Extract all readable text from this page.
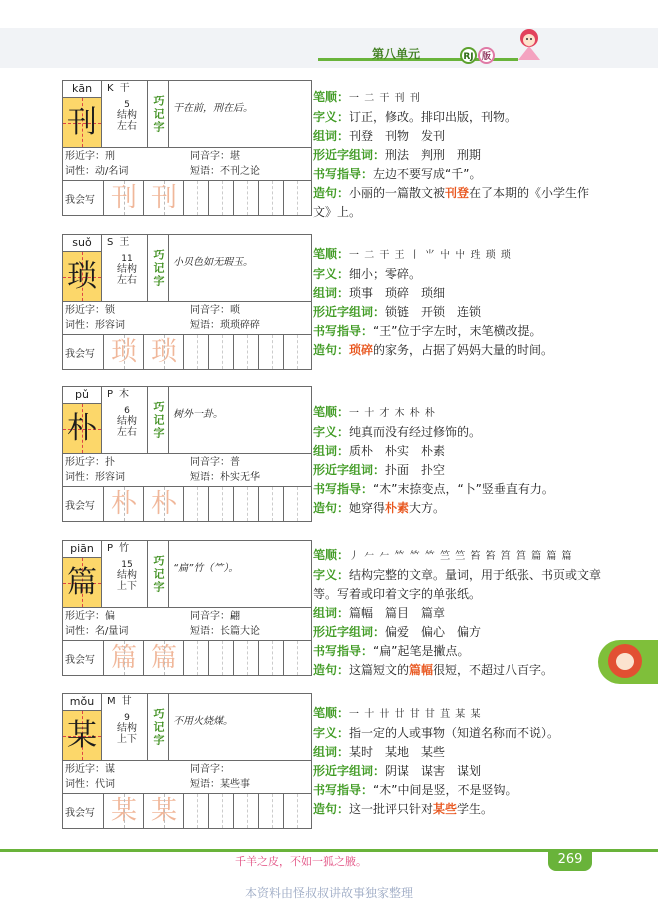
第八单元	RJ 版
kān
刊
K 干
5
结构
左右	巧记字 干在前，刑在后。
形近字：刑	同音字：堪
词性：动/名词	短语：不刊之论
我会写 刊 刊
suǒ
琐
S 王
11
结构
左右	巧记字 小贝色如无瑕玉。
形近字：锁	同音字：唢
词性：形容词	短语：琐琐碎碎
我会写 琐 琐
pǔ
朴
P 木
6
结构
左右	巧记字 树外一卦。
形近字：扑	同音字：普
词性：形容词	短语：朴实无华
我会写 朴 朴
piān
篇
P 竹
15
结构
上下	巧记字 “扁”竹（⺮）。
形近字：偏	同音字：翩
词性：名/量词	短语：长篇大论
我会写 篇 篇
mǒu
某
M 甘
9
结构
上下	巧记字 不用火烧煤。
形近字：谋	同音字：
词性：代词	短语：某些事
我会写 某 某
笔顺：一 二 干 刊 刊
字义：订正，修改。排印出版，刊物。
组词：刊登　刊物　发刊
形近字组词：刑法　判刑　刑期
书写指导：左边不要写成“千”。
造句：小丽的一篇散文被刊登在了本期的《小学生作文》上。
笔顺：一 二 干 王 丨 ⺌ 屮 屮 珄 琐 琐
字义：细小；零碎。
组词：琐事　琐碎　琐细
形近字组词：锁链　开锁　连锁
书写指导：“王”位于字左时，末笔横改提。
造句：琐碎的家务，占据了妈妈大量的时间。
笔顺：一 十 才 木 朴 朴
字义：纯真而没有经过修饰的。
组词：质朴　朴实　朴素
形近字组词：扑面　扑空
书写指导：“木”末捺变点，“卜”竖垂直有力。
造句：她穿得朴素大方。
笔顺：丿 𠂉 𠂉 𥫗 𥫗 𥫗 竺 竺 笞 笞 筥 筥 篇 篇 篇
字义：结构完整的文章。量词，用于纸张、书页或文章等。写着或印着文字的单张纸。
组词：篇幅　篇目　篇章
形近字组词：偏爱　偏心　偏方
书写指导：“扁”起笔是撇点。
造句：这篇短文的篇幅很短，不超过八百字。
笔顺：一 十 卄 廿 甘 甘 苴 某 某
字义：指一定的人或事物（知道名称而不说）。
组词：某时　某地　某些
形近字组词：阴谋　谋害　谋划
书写指导：“木”中间是竖，不是竖钩。
造句：这一批评只针对某些学生。
千羊之皮，不如一狐之腋。	269
本资料由怪叔叔讲故事独家整理
